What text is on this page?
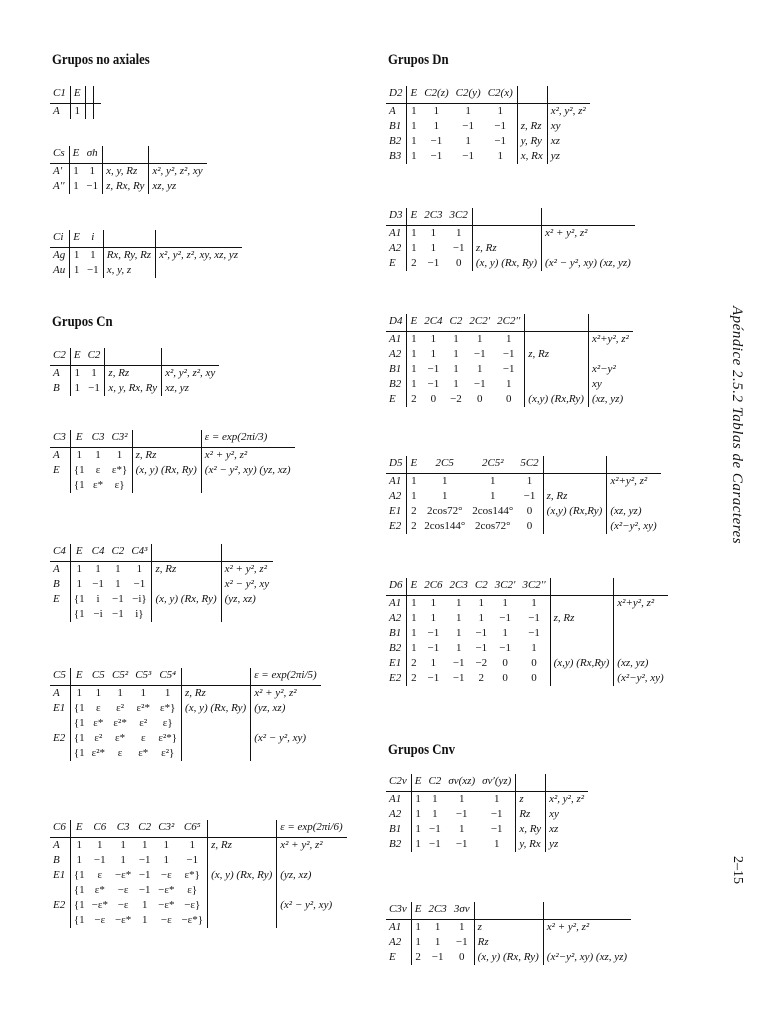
Grupos no axiales
Grupos Cn
Grupos Dn
Grupos Cnv
C1	E		
A	1		
Cs	E	σh		
A′	1	1	x, y, Rz	x², y², z², xy
A′′	1	−1	z, Rx, Ry	xz, yz
Ci	E	i		
Ag	1	1	Rx, Ry, Rz	x², y², z², xy, xz, yz
Au	1	−1	x, y, z	
C2	E	C2		
A	1	1	z, Rz	x², y², z², xy
B	1	−1	x, y, Rx, Ry	xz, yz
C3	E	C3	C3²		ε = exp(2πi/3)
A	1	1	1	z, Rz	x² + y², z²
E	{1	ε	ε*}	(x, y) (Rx, Ry)	(x² − y², xy) (yz, xz)
	{1	ε*	ε}		
C4	E	C4	C2	C4³		
A	1	1	1	1	z, Rz	x² + y², z²
B	1	−1	1	−1		x² − y², xy
E	{1	i	−1	−i}	(x, y) (Rx, Ry)	(yz, xz)
	{1	−i	−1	i}		
C5	E	C5	C5²	C5³	C5⁴		ε = exp(2πi/5)
A	1	1	1	1	1	z, Rz	x² + y², z²
E1	{1	ε	ε²	ε²*	ε*}	(x, y) (Rx, Ry)	(yz, xz)
	{1	ε*	ε²*	ε²	ε}		
E2	{1	ε²	ε*	ε	ε²*}		(x² − y², xy)
	{1	ε²*	ε	ε*	ε²}		
C6	E	C6	C3	C2	C3²	C6⁵		ε = exp(2πi/6)
A	1	1	1	1	1	1	z, Rz	x² + y², z²
B	1	−1	1	−1	1	−1		
E1	{1	ε	−ε*	−1	−ε	ε*}	(x, y) (Rx, Ry)	(yz, xz)
	{1	ε*	−ε	−1	−ε*	ε}		
E2	{1	−ε*	−ε	1	−ε*	−ε}		(x² − y², xy)
	{1	−ε	−ε*	1	−ε	−ε*}		
D2	E	C2(z)	C2(y)	C2(x)		
A	1	1	1	1		x², y², z²
B1	1	1	−1	−1	z, Rz	xy
B2	1	−1	1	−1	y, Ry	xz
B3	1	−1	−1	1	x, Rx	yz
D3	E	2C3	3C2		
A1	1	1	1		x² + y², z²
A2	1	1	−1	z, Rz	
E	2	−1	0	(x, y) (Rx, Ry)	(x² − y², xy) (xz, yz)
D4	E	2C4	C2	2C2′	2C2′′		
A1	1	1	1	1	1		x²+y², z²
A2	1	1	1	−1	−1	z, Rz	
B1	1	−1	1	1	−1		x²−y²
B2	1	−1	1	−1	1		xy
E	2	0	−2	0	0	(x,y) (Rx,Ry)	(xz, yz)
D5	E	2C5	2C5²	5C2		
A1	1	1	1	1		x²+y², z²
A2	1	1	1	−1	z, Rz	
E1	2	2cos72°	2cos144°	0	(x,y) (Rx,Ry)	(xz, yz)
E2	2	2cos144°	2cos72°	0		(x²−y², xy)
D6	E	2C6	2C3	C2	3C2′	3C2′′		
A1	1	1	1	1	1	1		x²+y², z²
A2	1	1	1	1	−1	−1	z, Rz	
B1	1	−1	1	−1	1	−1		
B2	1	−1	1	−1	−1	1		
E1	2	1	−1	−2	0	0	(x,y) (Rx,Ry)	(xz, yz)
E2	2	−1	−1	2	0	0		(x²−y², xy)
C2v	E	C2	σv(xz)	σv′(yz)		
A1	1	1	1	1	z	x², y², z²
A2	1	1	−1	−1	Rz	xy
B1	1	−1	1	−1	x, Ry	xz
B2	1	−1	−1	1	y, Rx	yz
C3v	E	2C3	3σv		
A1	1	1	1	z	x² + y², z²
A2	1	1	−1	Rz	
E	2	−1	0	(x, y) (Rx, Ry)	(x²−y², xy) (xz, yz)
Apéndice 2.5.2 Tablas de Caracteres
2–15
